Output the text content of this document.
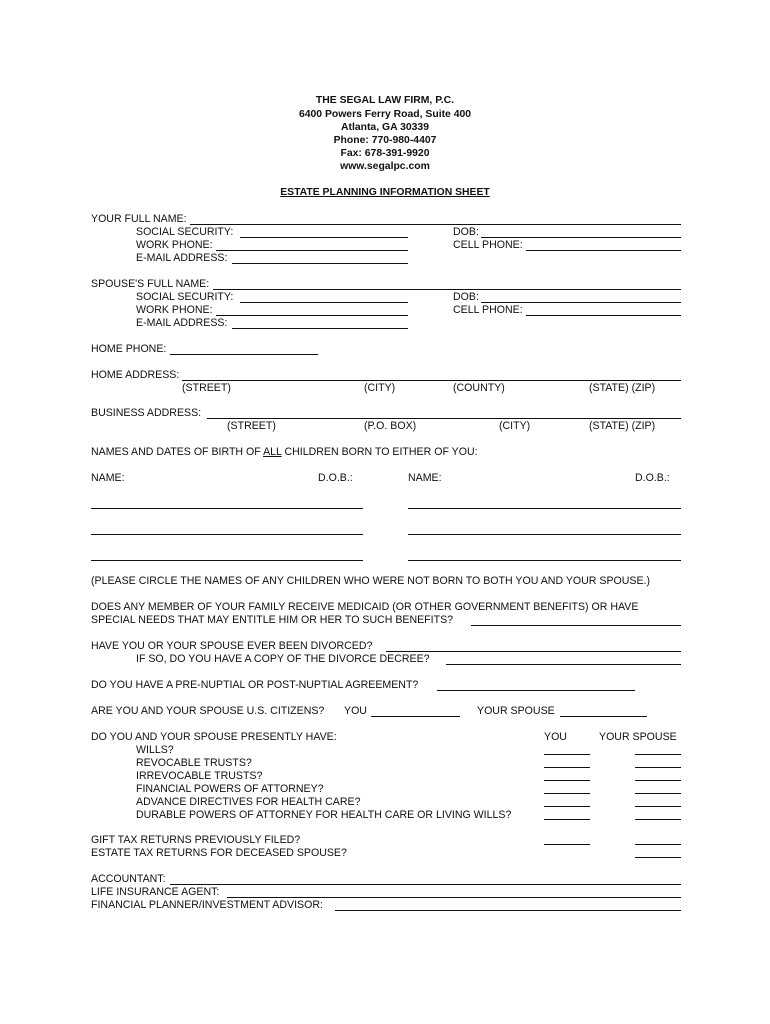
THE SEGAL LAW FIRM, P.C.
6400 Powers Ferry Road, Suite 400
Atlanta, GA 30339
Phone: 770-980-4407
Fax: 678-391-9920
www.segalpc.com
ESTATE PLANNING INFORMATION SHEET
YOUR FULL NAME:
SOCIAL SECURITY:	DOB:
WORK PHONE:	CELL PHONE:
E-MAIL ADDRESS:
SPOUSE'S FULL NAME:
SOCIAL SECURITY:	DOB:
WORK PHONE:	CELL PHONE:
E-MAIL ADDRESS:
HOME PHONE:
HOME ADDRESS:
(STREET)	(CITY)	(COUNTY)	(STATE) (ZIP)
BUSINESS ADDRESS:
(STREET)	(P.O. BOX)	(CITY)	(STATE) (ZIP)
NAMES AND DATES OF BIRTH OF ALL CHILDREN BORN TO EITHER OF YOU:
NAME:	D.O.B.:	NAME:	D.O.B.:
(PLEASE CIRCLE THE NAMES OF ANY CHILDREN WHO WERE NOT BORN TO BOTH YOU AND YOUR SPOUSE.)
DOES ANY MEMBER OF YOUR FAMILY RECEIVE MEDICAID (OR OTHER GOVERNMENT BENEFITS) OR HAVE
SPECIAL NEEDS THAT MAY ENTITLE HIM OR HER TO SUCH BENEFITS?
HAVE YOU OR YOUR SPOUSE EVER BEEN DIVORCED?
IF SO, DO YOU HAVE A COPY OF THE DIVORCE DECREE?
DO YOU HAVE A PRE-NUPTIAL OR POST-NUPTIAL AGREEMENT?
ARE YOU AND YOUR SPOUSE U.S. CITIZENS? YOU	YOUR SPOUSE
DO YOU AND YOUR SPOUSE PRESENTLY HAVE:	YOU	YOUR SPOUSE
WILLS?
REVOCABLE TRUSTS?
IRREVOCABLE TRUSTS?
FINANCIAL POWERS OF ATTORNEY?
ADVANCE DIRECTIVES FOR HEALTH CARE?
DURABLE POWERS OF ATTORNEY FOR HEALTH CARE OR LIVING WILLS?
GIFT TAX RETURNS PREVIOUSLY FILED?
ESTATE TAX RETURNS FOR DECEASED SPOUSE?
ACCOUNTANT:
LIFE INSURANCE AGENT:
FINANCIAL PLANNER/INVESTMENT ADVISOR:
